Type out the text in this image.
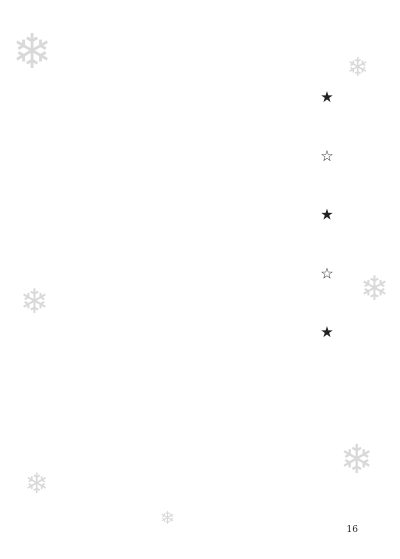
❄
❄
❄
❄
❄
❄
❄
★ ☆ ★ ☆ ★

16
